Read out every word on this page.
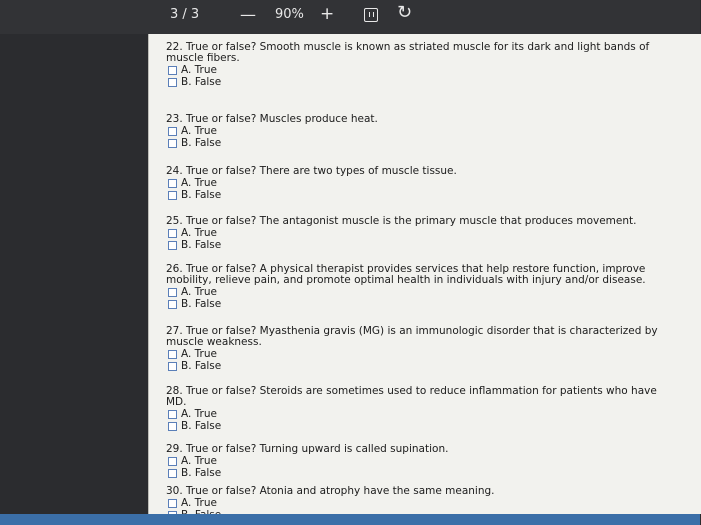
3 / 3	— 90% +	↻

22. True or false? Smooth muscle is known as striated muscle for its dark and light bands of muscle fibers.

A. True
B. False

23. True or false? Muscles produce heat.

A. True
B. False

24. True or false? There are two types of muscle tissue.

A. True
B. False

25. True or false? The antagonist muscle is the primary muscle that produces movement.

A. True
B. False

26. True or false? A physical therapist provides services that help restore function, improve mobility, relieve pain, and promote optimal health in individuals with injury and/or disease.

A. True
B. False

27. True or false? Myasthenia gravis (MG) is an immunologic disorder that is characterized by muscle weakness.

A. True
B. False

28. True or false? Steroids are sometimes used to reduce inflammation for patients who have MD.

A. True
B. False

29. True or false? Turning upward is called supination.

A. True
B. False

30. True or false? Atonia and atrophy have the same meaning.

A. True
